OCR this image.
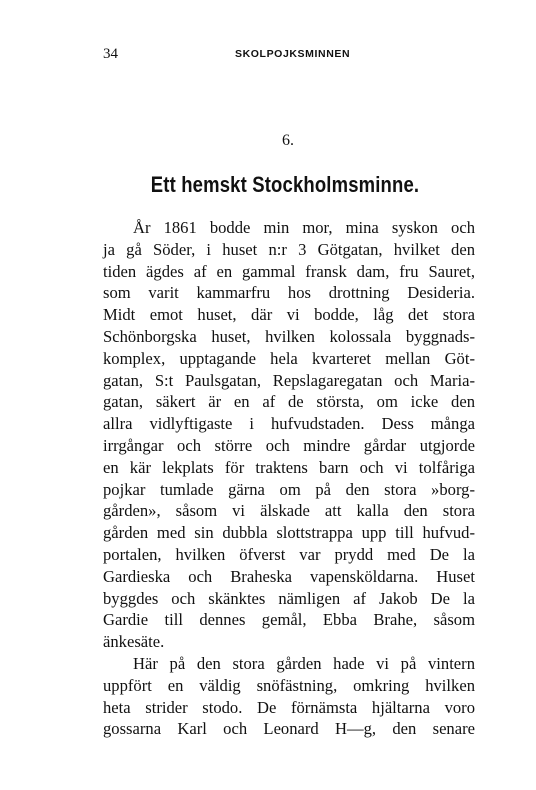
34	SKOLPOJKSMINNEN
6.
Ett hemskt Stockholmsminne.
År 1861 bodde min mor, mina syskon och
ja gå Söder, i huset n:r 3 Götgatan, hvilket den
tiden ägdes af en gammal fransk dam, fru Sauret,
som varit kammarfru hos drottning Desideria.
Midt emot huset, där vi bodde, låg det stora
Schönborgska huset, hvilken kolossala byggnads-
komplex, upptagande hela kvarteret mellan Göt-
gatan, S:t Paulsgatan, Repslagaregatan och Maria-
gatan, säkert är en af de största, om icke den
allra vidlyftigaste i hufvudstaden. Dess många
irrgångar och större och mindre gårdar utgjorde
en kär lekplats för traktens barn och vi tolfåriga
pojkar tumlade gärna om på den stora »borg-
gården», såsom vi älskade att kalla den stora
gården med sin dubbla slottstrappa upp till hufvud-
portalen, hvilken öfverst var prydd med De la
Gardieska och Braheska vapensköldarna. Huset
byggdes och skänktes nämligen af Jakob De la
Gardie till dennes gemål, Ebba Brahe, såsom
änkesäte.
Här på den stora gården hade vi på vintern
uppfört en väldig snöfästning, omkring hvilken
heta strider stodo. De förnämsta hjältarna voro
gossarna Karl och Leonard H—g, den senare
